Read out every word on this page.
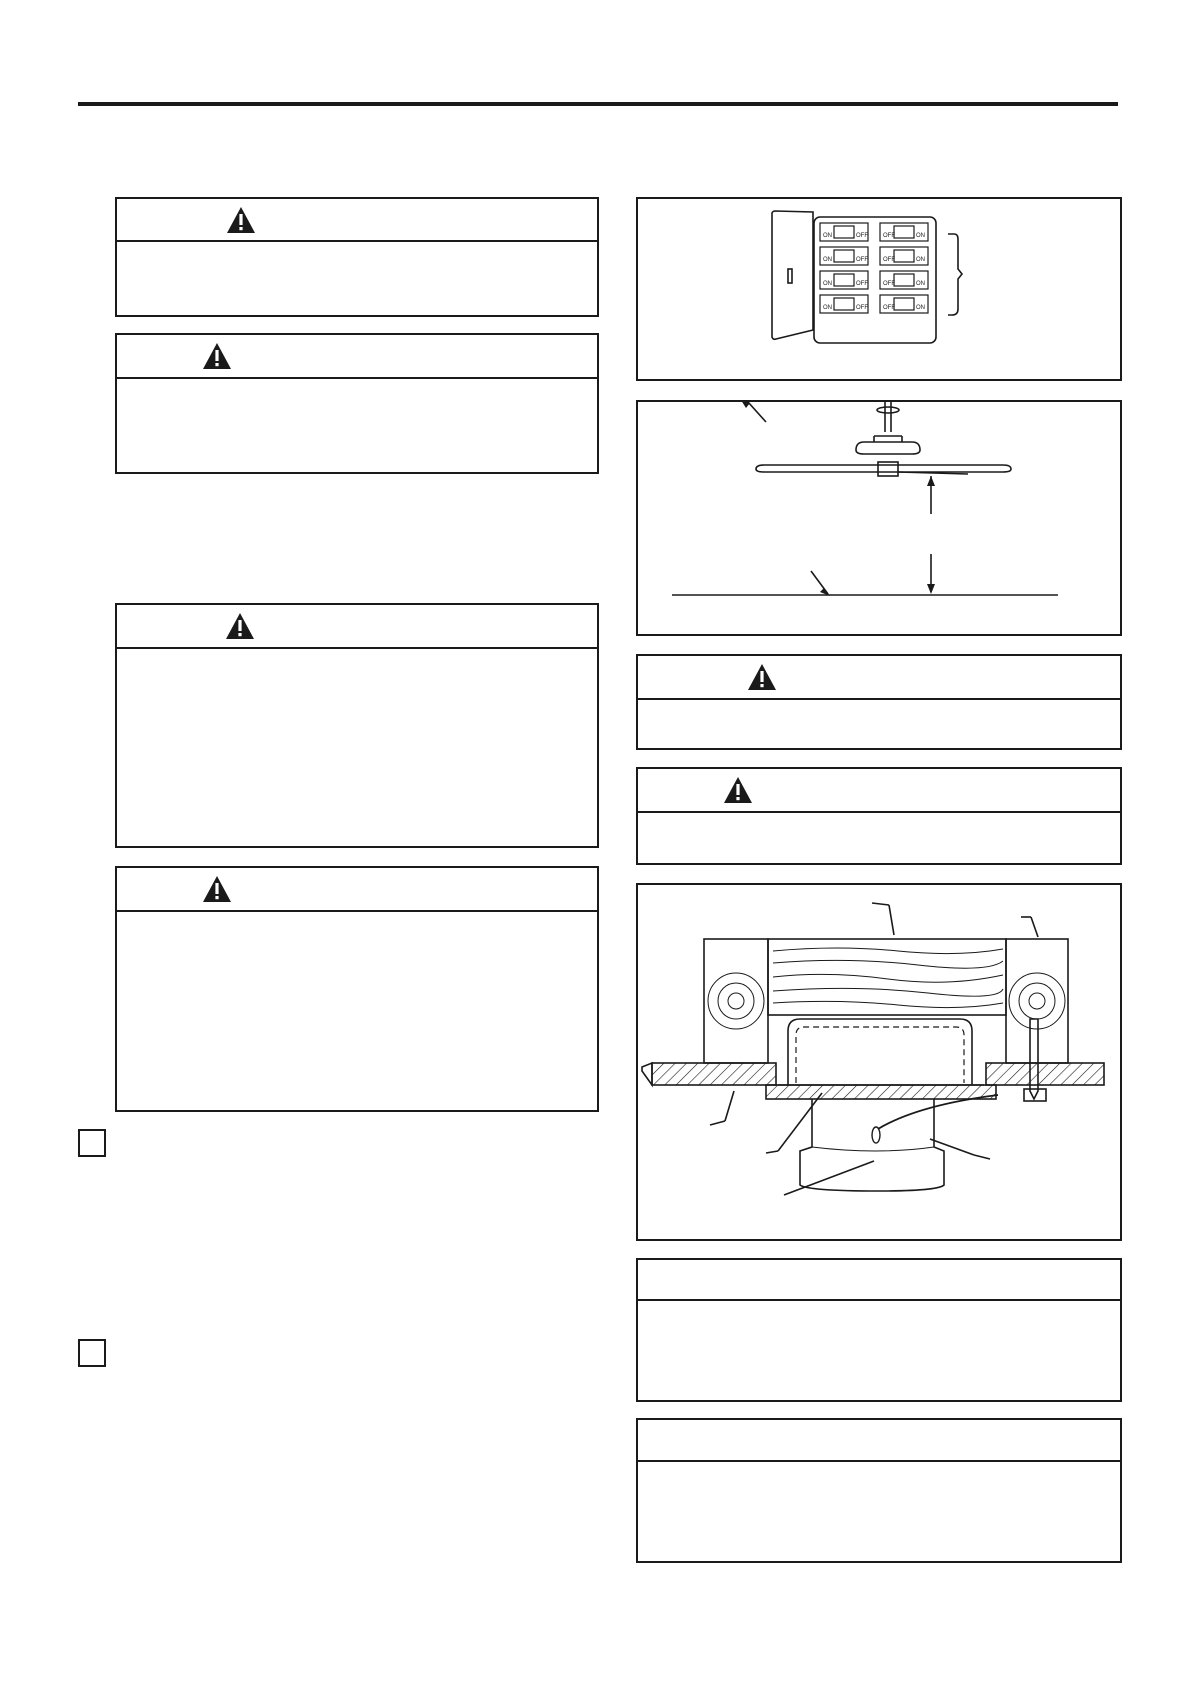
ON	OFF
ON	OFF
ON	OFF
ON	OFF
OFF	ON
OFF	ON
OFF	ON
OFF	ON
